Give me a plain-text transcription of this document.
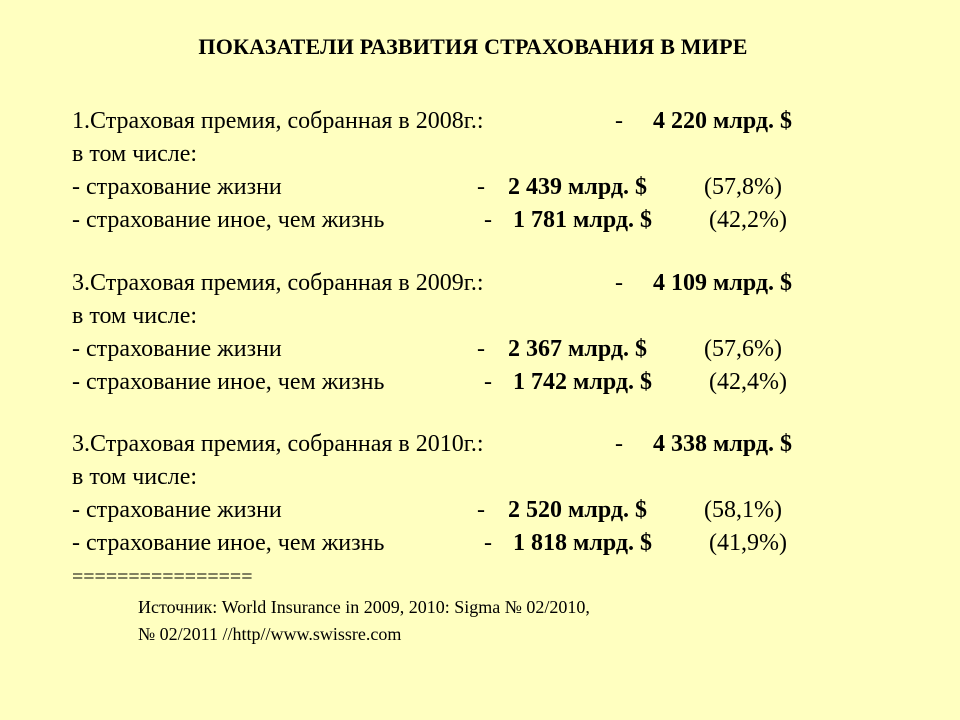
ПОКАЗАТЕЛИ РАЗВИТИЯ СТРАХОВАНИЯ В МИРЕ
1.Страховая премия, собранная в 2008г.:	- 4 220 млрд. $
в том числе:
- страхование жизни	- 2 439 млрд. $ (57,8%)
- страхование иное, чем жизнь	- 1 781 млрд. $ (42,2%)
3.Страховая премия, собранная в 2009г.:	- 4 109 млрд. $
в том числе:
- страхование жизни	- 2 367 млрд. $ (57,6%)
- страхование иное, чем жизнь	- 1 742 млрд. $ (42,4%)
3.Страховая премия, собранная в 2010г.:	- 4 338 млрд. $
в том числе:
- страхование жизни	- 2 520 млрд. $ (58,1%)
- страхование иное, чем жизнь	- 1 818 млрд. $ (41,9%)
================
Источник: World Insurance in 2009, 2010: Sigma № 02/2010,
№ 02/2011 //http//www.swissre.com
